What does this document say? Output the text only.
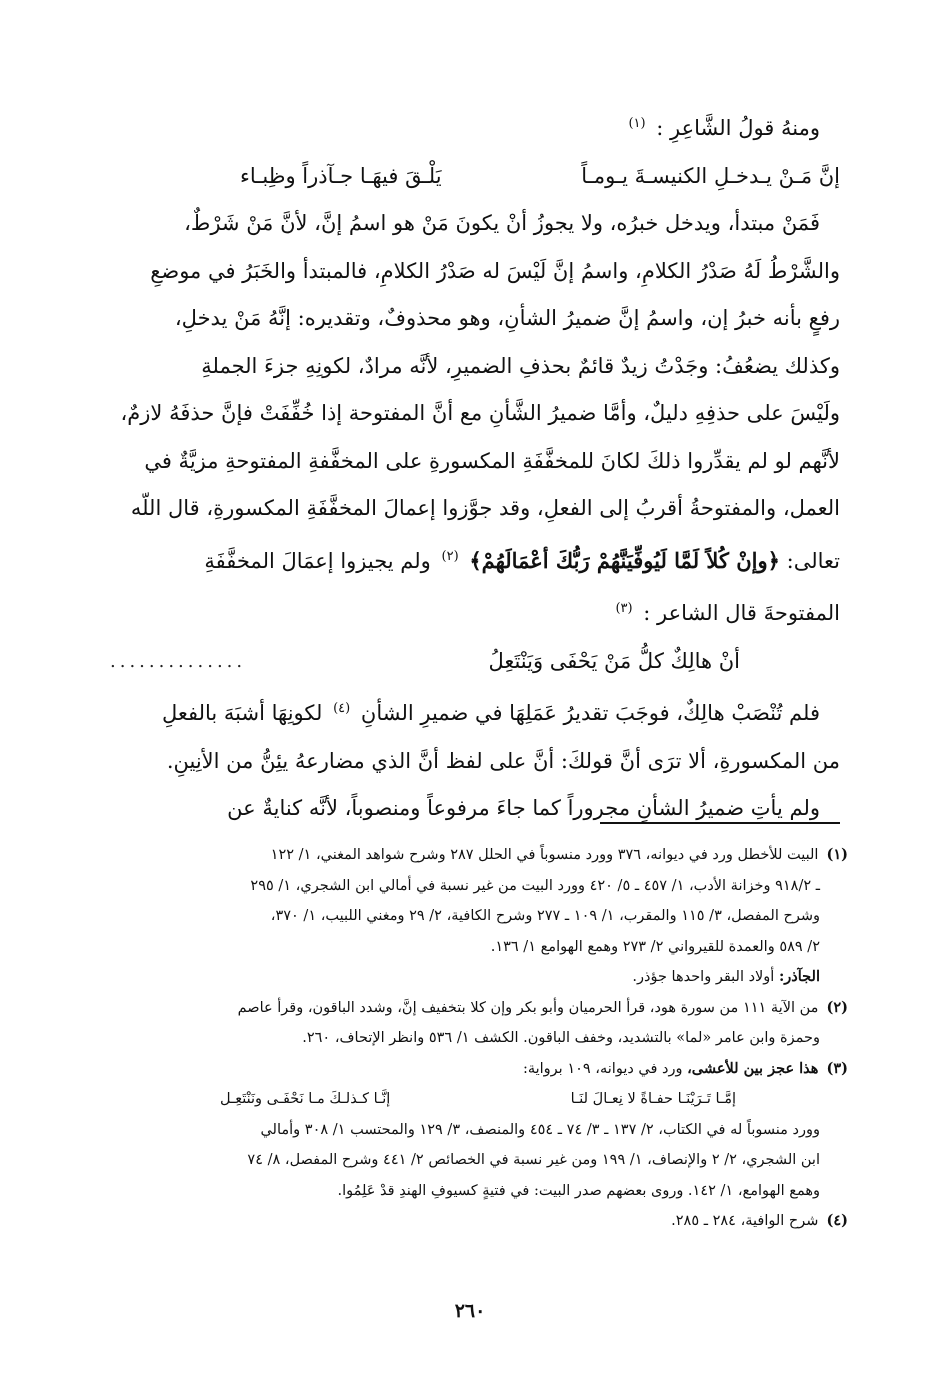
ومنهُ قولُ الشَّاعِرِ : $^{(١)}$

إنَّ مَـنْ يـدخـلِ الكنيسـةَ يـومـاً
يَلْـقَ فيهَـا جـآذراً وظِبـاء

فَمَنْ مبتدأ، ويدخل خبرُه، ولا يجوزُ أنْ يكونَ مَنْ هو اسمُ إنَّ، لأنَّ مَنْ شَرْطٌ،

والشَّرْطُ لَهُ صَدْرُ الكلامِ، واسمُ إنَّ لَيْسَ له صَدْرُ الكلامِ، فالمبتدأ والخَبَرُ في موضعِ

رفعٍ بأنه خبرُ إن، واسمُ إنَّ ضميرُ الشأنِ، وهو محذوفٌ، وتقديره: إنَّهُ مَنْ يدخلِ،

وكذلك يضعُفُ: وجَدْتُ زيدٌ قائمٌ بحذفِ الضميرِ، لأنَّه مرادٌ، لكونِهِ جزءَ الجملةِ

ولَيْسَ على حذفِهِ دليلٌ، وأمَّا ضميرُ الشَّأنِ مع أنَّ المفتوحة إذا خُفِّفَتْ فإنَّ حذفَهُ لازمٌ،

لأنَّهم لو لم يقدِّروا ذلكَ لكانَ للمخفَّفَةِ المكسورةِ على المخفَّفةِ المفتوحةِ مزيَّةٌ في

العمل، والمفتوحةُ أقربُ إلى الفعلِ، وقد جوَّزوا إعمالَ المخفَّفَةِ المكسورةِ، قال اللّه

تعالى: ﴿وإنْ كُلاً لَمَّا لَيُوفِّيَنَّهُمْ رَبُّكَ أعْمَالَهُمْ﴾ $^{(٢)}$ ولم يجيزوا إعمَالَ المخفَّفَةِ

المفتوحةَ قال الشاعر : $^{(٣)}$

أنْ هالِكٌ كلُّ مَنْ يَحْفَى وَيَنْتَعِلُ
..............

فلم تُنْصَبْ هالِكٌ، فوجَبَ تقديرُ عَمَلِهَا في ضميرِ الشأنِ $^{(٤)}$ لكونِهَا أشبَهَ بالفعلِ

من المكسورةِ، ألا ترَى أنَّ قولكَ: أنَّ على لفظ أنَّ الذي مضارعهُ يئِنُّ من الأنِينِ.

ولم يأتِ ضميرُ الشأنِ مجروراً كما جاءَ مرفوعاً ومنصوباً، لأنَّه كنايةٌ عن

(١)البيت للأخطل ورد في ديوانه، ٣٧٦ وورد منسوباً في الحلل ٢٨٧ وشرح شواهد المغني، ١/ ١٢٢

ـ ٩١٨/٢ وخزانة الأدب، ١/ ٤٥٧ ـ ٥/ ٤٢٠ وورد البيت من غير نسبة في أمالي ابن الشجري، ١/ ٢٩٥

وشرح المفصل، ٣/ ١١٥ والمقرب، ١/ ١٠٩ ـ ٢٧٧ وشرح الكافية، ٢/ ٢٩ ومغني اللبيب، ١/ ٣٧٠،

٢/ ٥٨٩ والعمدة للقيرواني ٢/ ٢٧٣ وهمع الهوامع ١/ ١٣٦.

الجآذر: أولاد البقر واحدها جؤذر.

(٢)من الآية ١١١ من سورة هود، قرأ الحرميان وأبو بكر وإن كلا بتخفيف إنَّ، وشدد الباقون، وقرأ عاصم

وحمزة وابن عامر «لما» بالتشديد، وخفف الباقون. الكشف ١/ ٥٣٦ وانظر الإتحاف، ٢٦٠.

(٣)هذا عجز بين للأعشى، ورد في ديوانه، ١٠٩ برواية:

إمَّـا تَـرَيْنَـا حفـاةً لا نِعـالَ لنَـا
إنَّـا كـذلـكَ مـا نَحْفَـى ونَنْتَعِـل

وورد منسوباً له في الكتاب، ٢/ ١٣٧ ـ ٣/ ٧٤ ـ ٤٥٤ والمنصف، ٣/ ١٢٩ والمحتسب ١/ ٣٠٨ وأمالي

ابن الشجري، ٢/ ٢ والإنصاف، ١/ ١٩٩ ومن غير نسبة في الخصائص ٢/ ٤٤١ وشرح المفصل، ٨/ ٧٤

وهمع الهوامع، ١/ ١٤٢. وروى بعضهم صدر البيت: في فتيةٍ كسيوفِ الهندِ قدْ عَلِمُوا.

(٤)شرح الوافية، ٢٨٤ ـ ٢٨٥.

٢٦٠
